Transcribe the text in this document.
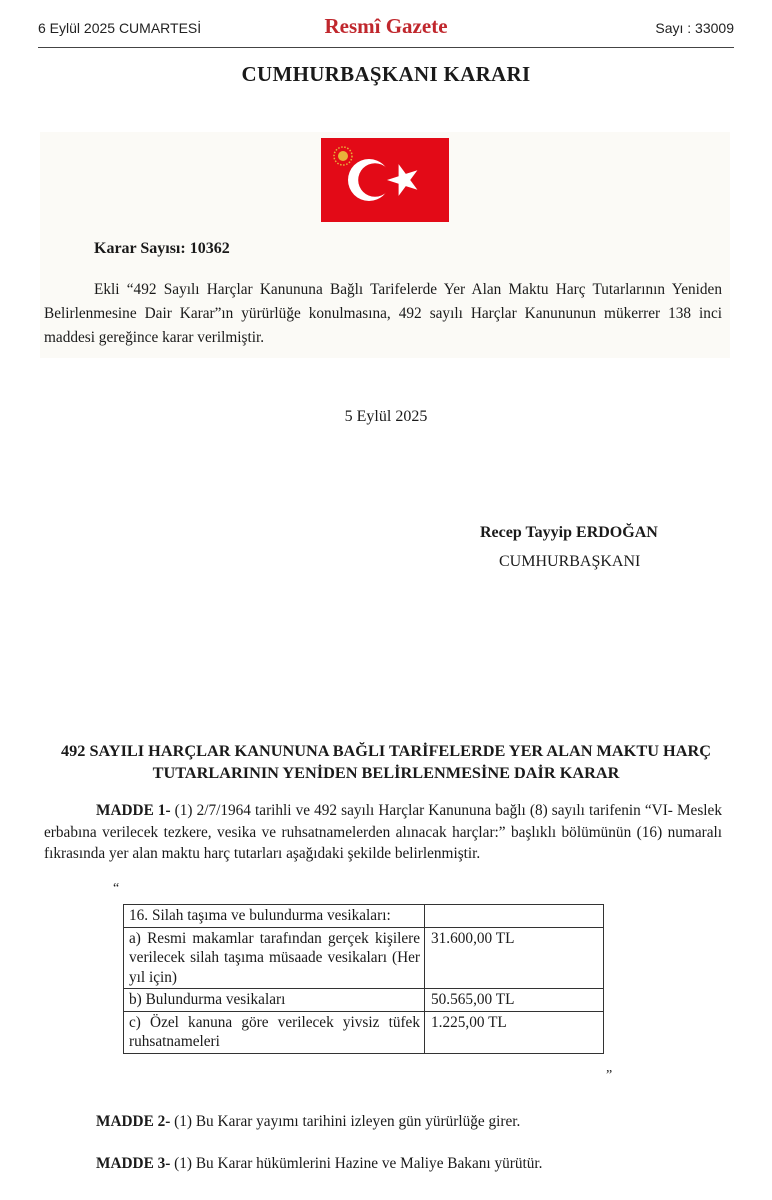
6 Eylül 2025 CUMARTESİ	Resmî Gazete	Sayı : 33009
CUMHURBAŞKANI KARARI
Karar Sayısı: 10362
Ekli “492 Sayılı Harçlar Kanununa Bağlı Tarifelerde Yer Alan Maktu Harç Tutarlarının Yeniden Belirlenmesine Dair Karar”ın yürürlüğe konulmasına, 492 sayılı Harçlar Kanununun mükerrer 138 inci maddesi gereğince karar verilmiştir.
5 Eylül 2025
Recep Tayyip ERDOĞAN
CUMHURBAŞKANI
492 SAYILI HARÇLAR KANUNUNA BAĞLI TARİFELERDE YER ALAN MAKTU HARÇ TUTARLARININ YENİDEN BELİRLENMESİNE DAİR KARAR
MADDE 1- (1) 2/7/1964 tarihli ve 492 sayılı Harçlar Kanununa bağlı (8) sayılı tarifenin “VI- Meslek erbabına verilecek tezkere, vesika ve ruhsatnamelerden alınacak harçlar:” başlıklı bölümünün (16) numaralı fıkrasında yer alan maktu harç tutarları aşağıdaki şekilde belirlenmiştir.
“
16. Silah taşıma ve bulundurma vesikaları:	
a) Resmi makamlar tarafından gerçek kişilere verilecek silah taşıma müsaade vesikaları (Her yıl için)	31.600,00 TL
b) Bulundurma vesikaları	50.565,00 TL
c) Özel kanuna göre verilecek yivsiz tüfek ruhsatnameleri	1.225,00 TL
”
MADDE 2- (1) Bu Karar yayımı tarihini izleyen gün yürürlüğe girer.
MADDE 3- (1) Bu Karar hükümlerini Hazine ve Maliye Bakanı yürütür.
